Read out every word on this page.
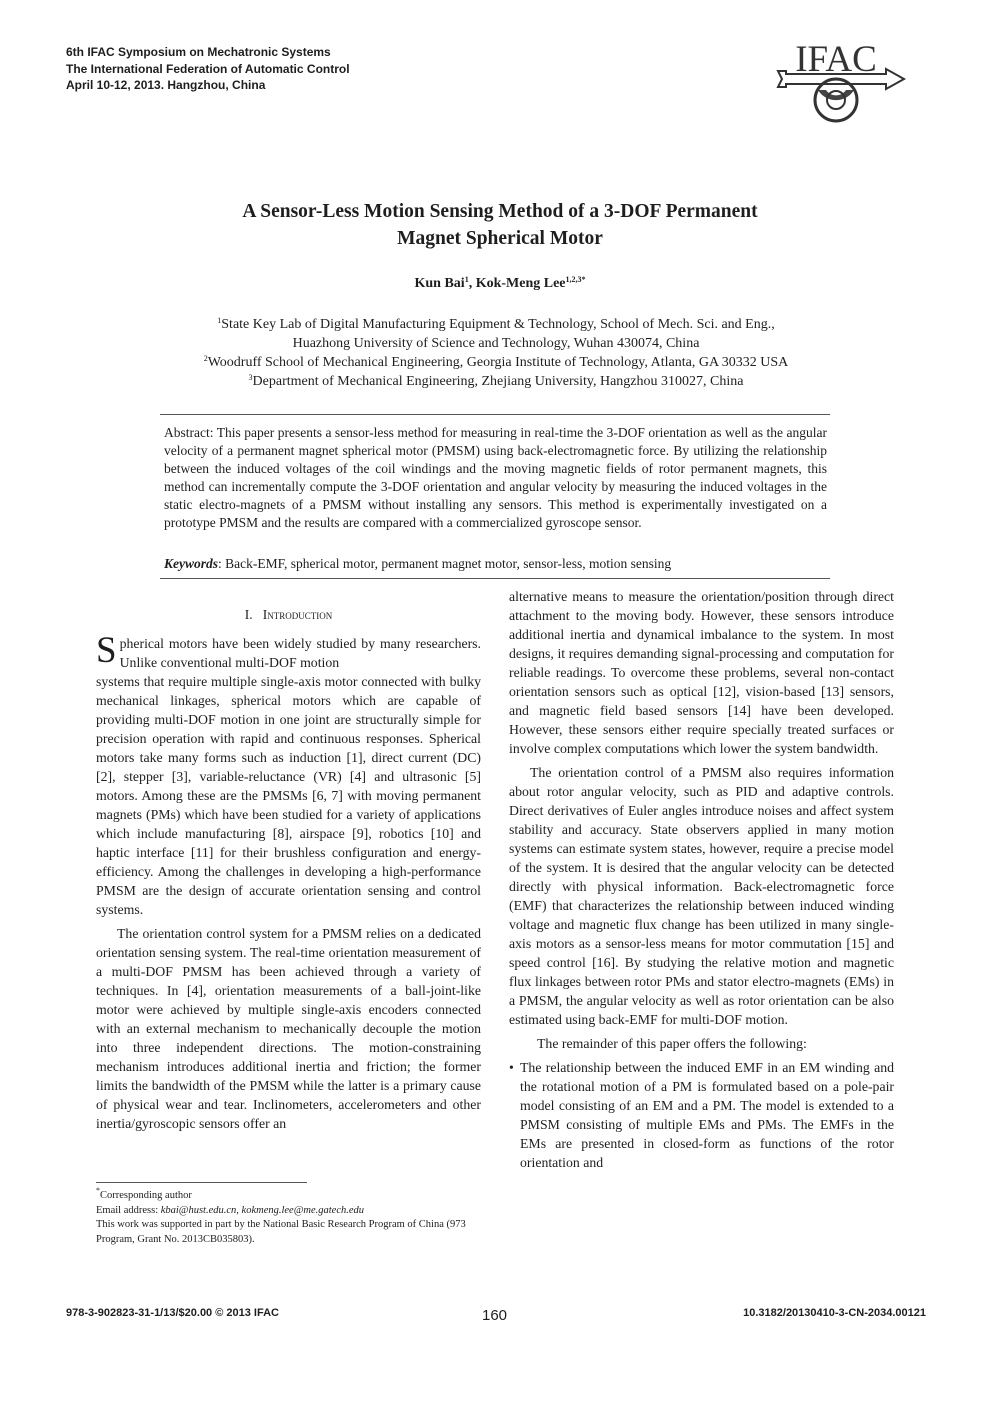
6th IFAC Symposium on Mechatronic Systems
The International Federation of Automatic Control
April 10-12, 2013. Hangzhou, China
IFAC
A Sensor-Less Motion Sensing Method of a 3-DOF Permanent
Magnet Spherical Motor
Kun Bai$^1$, Kok-Meng Lee$^{1,2,3*}$
$^1$State Key Lab of Digital Manufacturing Equipment & Technology, School of Mech. Sci. and Eng.,
Huazhong University of Science and Technology, Wuhan 430074, China
$^2$Woodruff School of Mechanical Engineering, Georgia Institute of Technology, Atlanta, GA 30332 USA
$^3$Department of Mechanical Engineering, Zhejiang University, Hangzhou 310027, China
Abstract: This paper presents a sensor-less method for measuring in real-time the 3-DOF orientation as well as the angular velocity of a permanent magnet spherical motor (PMSM) using back-electromagnetic force. By utilizing the relationship between the induced voltages of the coil windings and the moving magnetic fields of rotor permanent magnets, this method can incrementally compute the 3-DOF orientation and angular velocity by measuring the induced voltages in the static electro-magnets of a PMSM without installing any sensors. This method is experimentally investigated on a prototype PMSM and the results are compared with a commercialized gyroscope sensor.
Keywords: Back-EMF, spherical motor, permanent magnet motor, sensor-less, motion sensing
I. Introduction

Spherical motors have been widely studied by many researchers. Unlike conventional multi-DOF motion

systems that require multiple single-axis motor connected with bulky mechanical linkages, spherical motors which are capable of providing multi-DOF motion in one joint are structurally simple for precision operation with rapid and continuous responses. Spherical motors take many forms such as induction [1], direct current (DC) [2], stepper [3], variable-reluctance (VR) [4] and ultrasonic [5] motors. Among these are the PMSMs [6, 7] with moving permanent magnets (PMs) which have been studied for a variety of applications which include manufacturing [8], airspace [9], robotics [10] and haptic interface [11] for their brushless configuration and energy-efficiency. Among the challenges in developing a high-performance PMSM are the design of accurate orientation sensing and control systems.

The orientation control system for a PMSM relies on a dedicated orientation sensing system. The real-time orientation measurement of a multi-DOF PMSM has been achieved through a variety of techniques. In [4], orientation measurements of a ball-joint-like motor were achieved by multiple single-axis encoders connected with an external mechanism to mechanically decouple the motion into three independent directions. The motion-constraining mechanism introduces additional inertia and friction; the former limits the bandwidth of the PMSM while the latter is a primary cause of physical wear and tear. Inclinometers, accelerometers and other inertia/gyroscopic sensors offer an

alternative means to measure the orientation/position through direct attachment to the moving body. However, these sensors introduce additional inertia and dynamical imbalance to the system. In most designs, it requires demanding signal-processing and computation for reliable readings. To overcome these problems, several non-contact orientation sensors such as optical [12], vision-based [13] sensors, and magnetic field based sensors [14] have been developed. However, these sensors either require specially treated surfaces or involve complex computations which lower the system bandwidth.

The orientation control of a PMSM also requires information about rotor angular velocity, such as PID and adaptive controls. Direct derivatives of Euler angles introduce noises and affect system stability and accuracy. State observers applied in many motion systems can estimate system states, however, require a precise model of the system. It is desired that the angular velocity can be detected directly with physical information. Back-electromagnetic force (EMF) that characterizes the relationship between induced winding voltage and magnetic flux change has been utilized in many single-axis motors as a sensor-less means for motor commutation [15] and speed control [16]. By studying the relative motion and magnetic flux linkages between rotor PMs and stator electro-magnets (EMs) in a PMSM, the angular velocity as well as rotor orientation can be also estimated using back-EMF for multi-DOF motion.

The remainder of this paper offers the following:

• The relationship between the induced EMF in an EM winding and the rotational motion of a PM is formulated based on a pole-pair model consisting of an EM and a PM. The model is extended to a PMSM consisting of multiple EMs and PMs. The EMFs in the EMs are presented in closed-form as functions of the rotor orientation and
*Corresponding author
Email address: kbai@hust.edu.cn, kokmeng.lee@me.gatech.edu
This work was supported in part by the National Basic Research Program of China (973 Program, Grant No. 2013CB035803).
978-3-902823-31-1/13/$20.00 © 2013 IFAC	160	10.3182/20130410-3-CN-2034.00121
